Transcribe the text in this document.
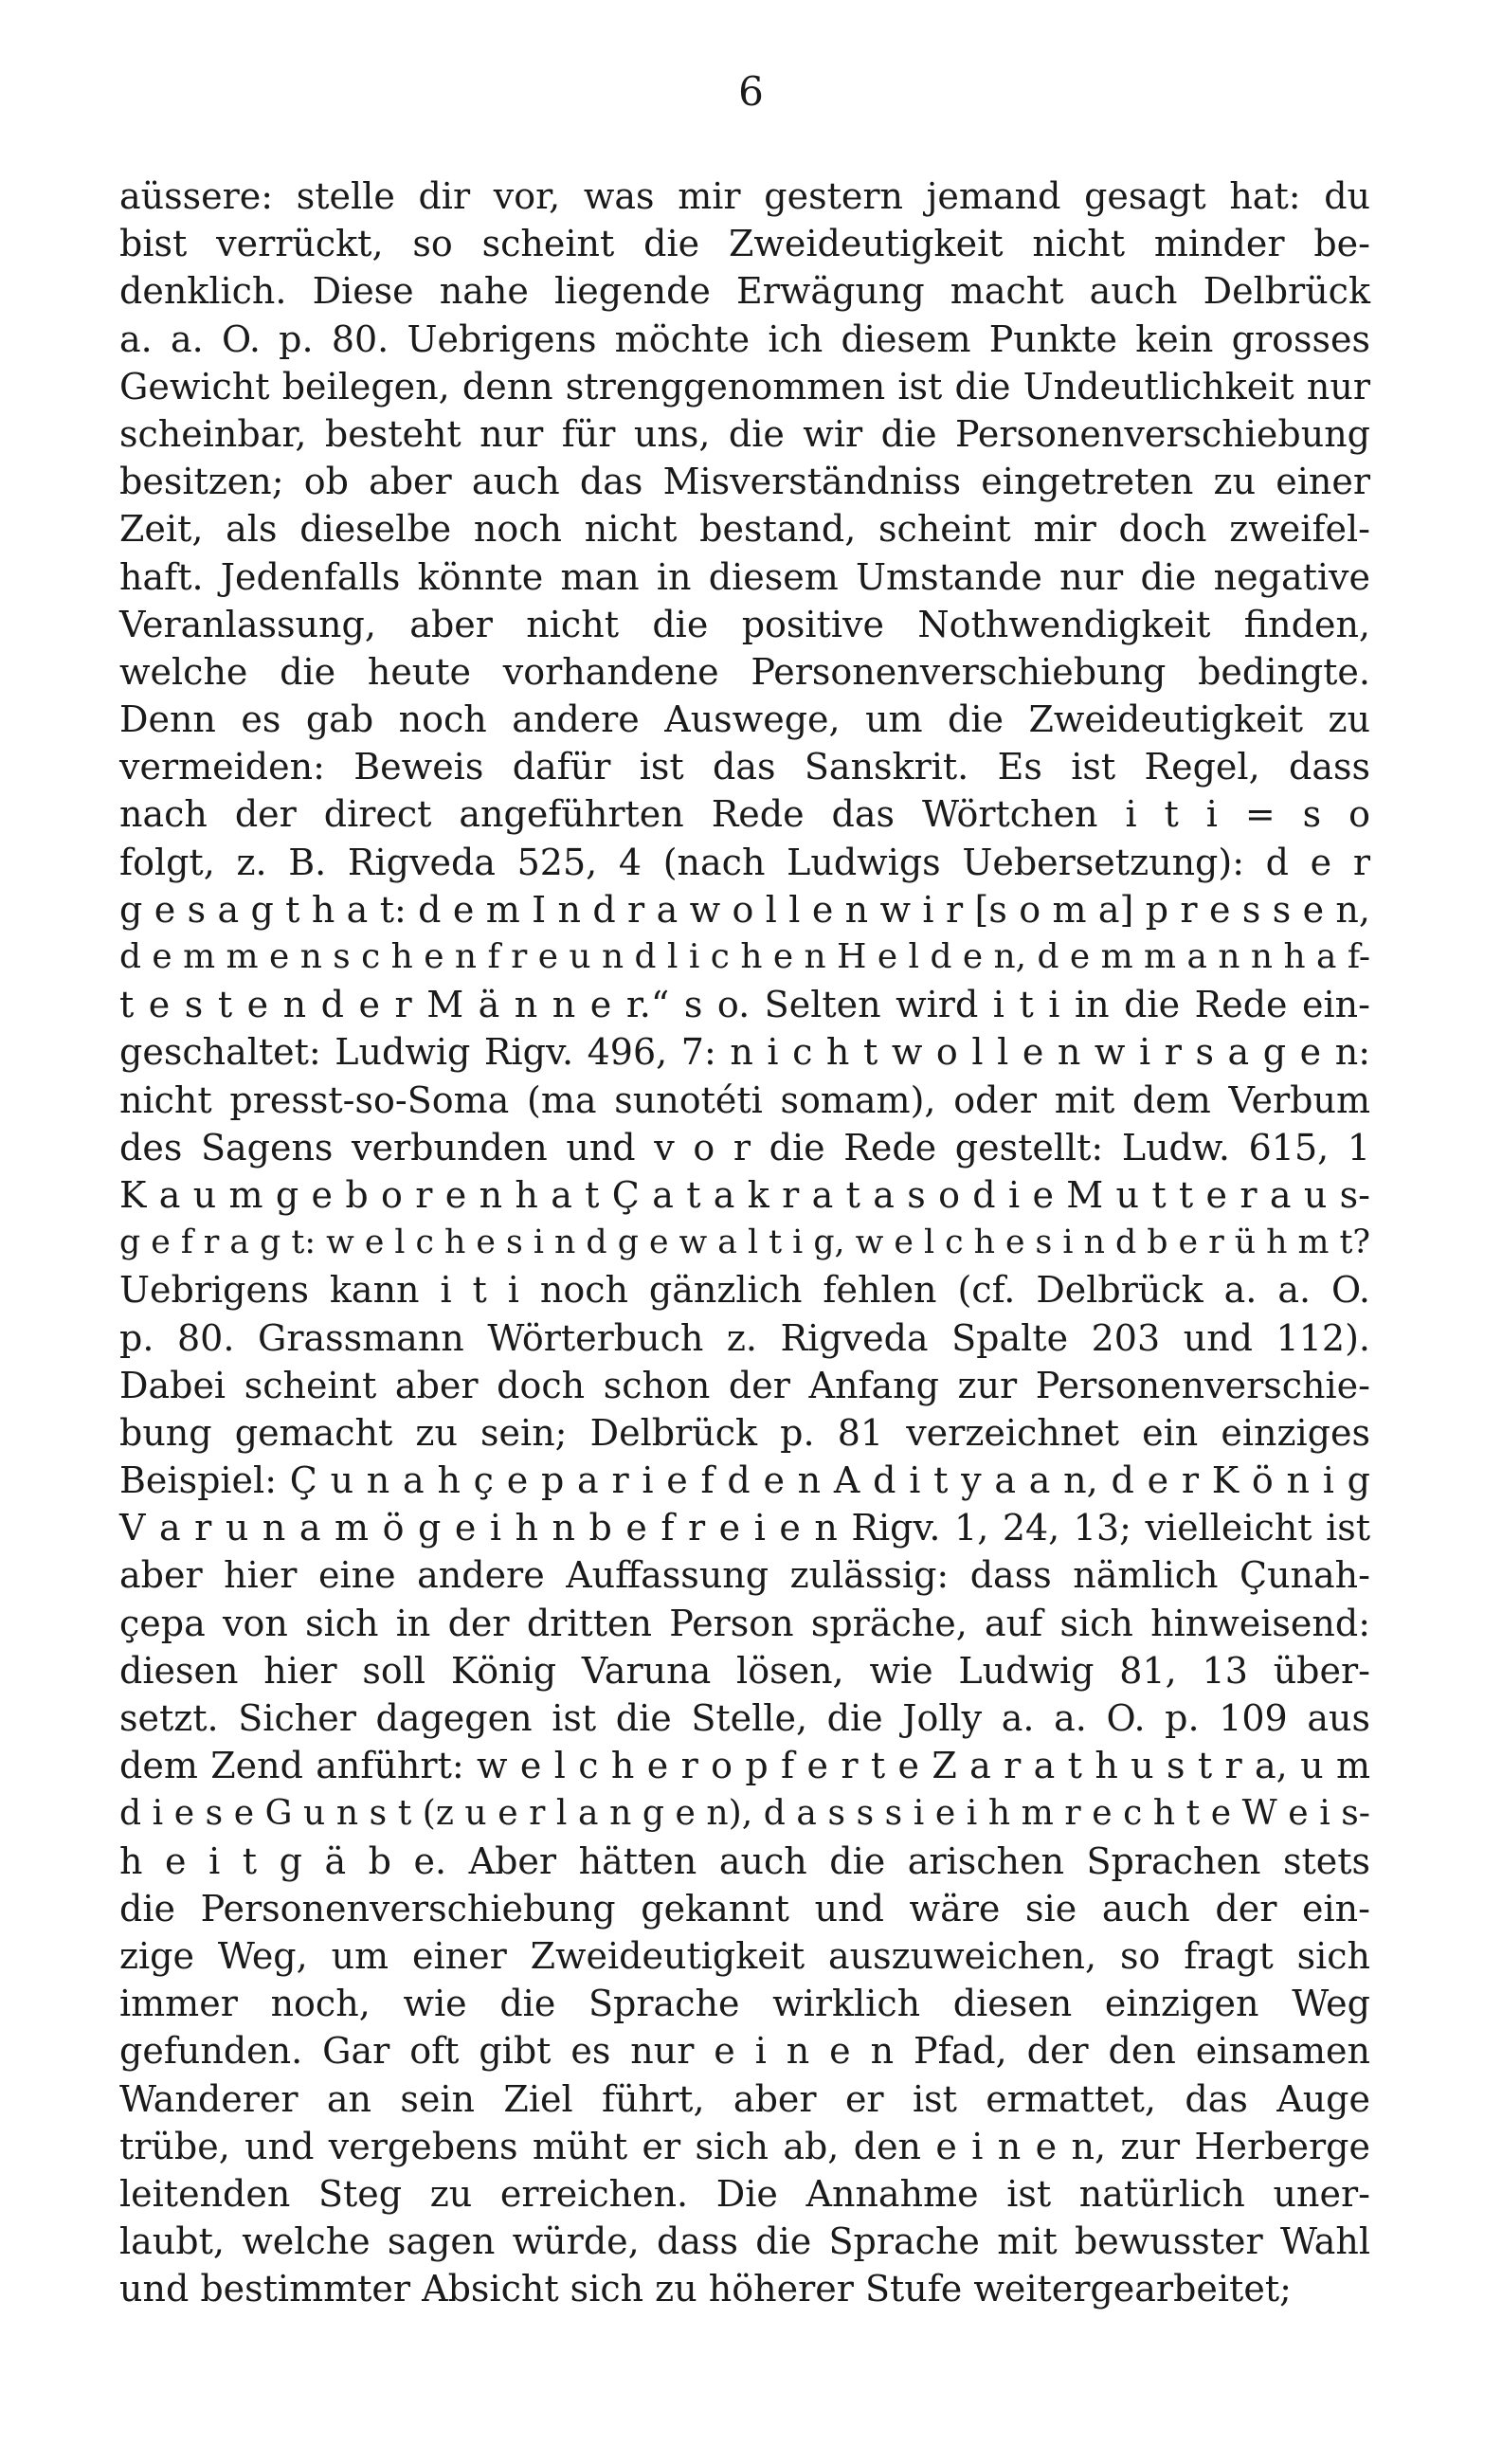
6
aüssere: stelle dir vor, was mir gestern jemand gesagt hat: du
bist verrückt, so scheint die Zweideutigkeit nicht minder be-
denklich. Diese nahe liegende Erwägung macht auch Delbrück
a. a. O. p. 80. Uebrigens möchte ich diesem Punkte kein grosses
Gewicht beilegen, denn strenggenommen ist die Undeutlichkeit nur
scheinbar, besteht nur für uns, die wir die Personenverschiebung
besitzen; ob aber auch das Misverständniss eingetreten zu einer
Zeit, als dieselbe noch nicht bestand, scheint mir doch zweifel-
haft. Jedenfalls könnte man in diesem Umstande nur die negative
Veranlassung, aber nicht die positive Nothwendigkeit finden,
welche die heute vorhandene Personenverschiebung bedingte.
Denn es gab noch andere Auswege, um die Zweideutigkeit zu
vermeiden: Beweis dafür ist das Sanskrit. Es ist Regel, dass
nach der direct angeführten Rede das Wörtchen i t i = s o
folgt, z. B. Rigveda 525, 4 (nach Ludwigs Uebersetzung): d e r
g e s a g t h a t: d e m I n d r a w o l l e n w i r [s o m a] p r e s s e n,
d e m m e n s c h e n f r e u n d l i c h e n H e l d e n, d e m m a n n h a f-
t e s t e n d e r M ä n n e r.“ s o. Selten wird i t i in die Rede ein-
geschaltet: Ludwig Rigv. 496, 7: n i c h t w o l l e n w i r s a g e n:
nicht presst-so-Soma (ma sunotéti somam), oder mit dem Verbum
des Sagens verbunden und v o r die Rede gestellt: Ludw. 615, 1
K a u m g e b o r e n h a t Ç a t a k r a t a s o d i e M u t t e r a u s-
g e f r a g t: w e l c h e s i n d g e w a l t i g, w e l c h e s i n d b e r ü h m t?
Uebrigens kann i t i noch gänzlich fehlen (cf. Delbrück a. a. O.
p. 80. Grassmann Wörterbuch z. Rigveda Spalte 203 und 112).
Dabei scheint aber doch schon der Anfang zur Personenverschie-
bung gemacht zu sein; Delbrück p. 81 verzeichnet ein einziges
Beispiel: Ç u n a h ç e p a r i e f d e n A d i t y a a n, d e r K ö n i g
V a r u n a m ö g e i h n b e f r e i e n Rigv. 1, 24, 13; vielleicht ist
aber hier eine andere Auffassung zulässig: dass nämlich Çunah-
çepa von sich in der dritten Person spräche, auf sich hinweisend:
diesen hier soll König Varuna lösen, wie Ludwig 81, 13 über-
setzt. Sicher dagegen ist die Stelle, die Jolly a. a. O. p. 109 aus
dem Zend anführt: w e l c h e r o p f e r t e Z a r a t h u s t r a, u m
d i e s e G u n s t (z u e r l a n g e n), d a s s s i e i h m r e c h t e W e i s-
h e i t g ä b e. Aber hätten auch die arischen Sprachen stets
die Personenverschiebung gekannt und wäre sie auch der ein-
zige Weg, um einer Zweideutigkeit auszuweichen, so fragt sich
immer noch, wie die Sprache wirklich diesen einzigen Weg
gefunden. Gar oft gibt es nur e i n e n Pfad, der den einsamen
Wanderer an sein Ziel führt, aber er ist ermattet, das Auge
trübe, und vergebens müht er sich ab, den e i n e n, zur Herberge
leitenden Steg zu erreichen. Die Annahme ist natürlich uner-
laubt, welche sagen würde, dass die Sprache mit bewusster Wahl
und bestimmter Absicht sich zu höherer Stufe weitergearbeitet;
